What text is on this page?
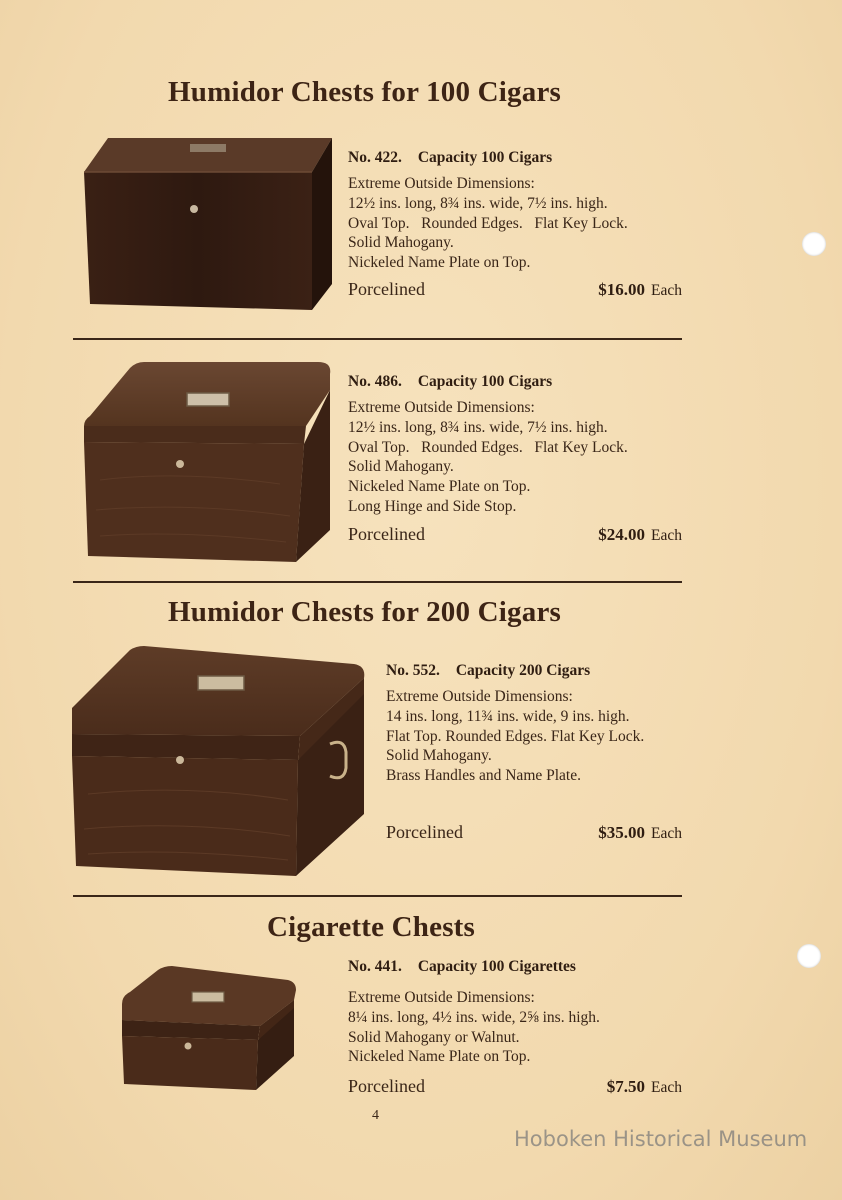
Humidor Chests for 100 Cigars
No. 422. Capacity 100 Cigars
Extreme Outside Dimensions:
12½ ins. long, 8¾ ins. wide, 7½ ins. high.
Oval Top.   Rounded Edges.   Flat Key Lock.
Solid Mahogany.
Nickeled Name Plate on Top.
Porcelined	$16.00 Each
No. 486. Capacity 100 Cigars
Extreme Outside Dimensions:
12½ ins. long, 8¾ ins. wide, 7½ ins. high.
Oval Top.   Rounded Edges.   Flat Key Lock.
Solid Mahogany.
Nickeled Name Plate on Top.
Long Hinge and Side Stop.
Porcelined	$24.00 Each
Humidor Chests for 200 Cigars
No. 552. Capacity 200 Cigars
Extreme Outside Dimensions:
14 ins. long, 11¾ ins. wide, 9 ins. high.
Flat Top. Rounded Edges. Flat Key Lock.
Solid Mahogany.
Brass Handles and Name Plate.
Porcelined	$35.00 Each
Cigarette Chests
No. 441. Capacity 100 Cigarettes
Extreme Outside Dimensions:
8¼ ins. long, 4½ ins. wide, 2⅝ ins. high.
Solid Mahogany or Walnut.
Nickeled Name Plate on Top.
Porcelined	$7.50 Each
4
Hoboken Historical Museum
